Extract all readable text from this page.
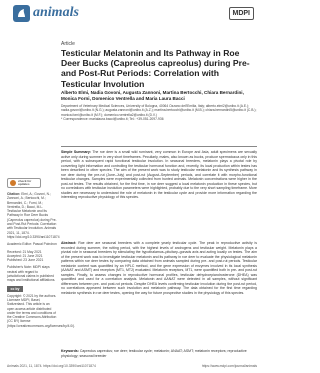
animals	MDPI
Article
Testicular Melatonin and Its Pathway in Roe Deer Bucks (Capreolus capreolus) during Pre- and Post-Rut Periods: Correlation with Testicular Involution
Alberto Elmi, Nadia Govoni, Augusta Zannoni, Martina Bertocchi, Chiara Bernardini, Monica Forni, Domenico Ventrella and Maria Laura Bacci

Department of Veterinary Medical Sciences, University of Bologna, 40064 Ozzano dell'Emilia, Italy; alberto.elmi2@unibo.it (A.E.); nadia.govoni@unibo.it (N.G.); augusta.zannoni@unibo.it (A.Z.); martina.bertocchi@unibo.it (M.B.); chiara.bernardini5@unibo.it (C.B.); monica.forni@unibo.it (M.F.); domenico.ventrella2@unibo.it (D.V.)

* Correspondence: marialaura.bacci@unibo.it; Tel.: +39-051-2097-936

Simple Summary: The roe deer is a small wild ruminant, very common in Europe and Asia, adult specimens are sexually active only during summer in very short timeframes. Peculiarly, males, also known as bucks, produce spermatozoa only in this period, with a subsequent rapid functional testicular involution. In seasonal breeders, melatonin plays a pivotal role by converting light information and controlling the testicular hormonal function and, recently, its local production within testes has been described in other species. The aim of the present work was to study testicular melatonin and its synthesis pathway in roe deer during the pre-rut (June–July) and post-rut (August–September) periods, and correlate it with morpho-functional testicular changes. Samples were experimentally collected from hunted animals. Melatonin concentrations were higher in the post-rut testes. The results obtained, for the first time, in roe deer suggest a local melatonin production in these species, but no correlations with testicular involution parameters were highlighted, probably due to the very short sampling timeframe. More studies are necessary to understand the role of melatonin in the testicular cycle and provide more information regarding the interesting reproductive physiology of this species.
Abstract: Roe deer are seasonal breeders with a complete yearly testicular cycle. The peak in reproductive activity is recorded during summer, the rutting period, with the highest levels of androgens and testicular weight. Melatonin plays a pivotal role in seasonal breeders by stimulating the hypothalamus–pituitary–gonads axis and acting locally on testes. The aim of the present work was to investigate testicular melatonin and its pathway in roe deer to evaluate the physiological melatonin patterns within roe deer testes by comparing data obtained from animals sampled during pre- and post-rut periods. Testicular melatonin content was quantified by an HPLC method, and the gene expression of enzymes involved in its local synthesis (AANAT and ASMT) and receptors (MT1, MT2) evaluated. Melatonin receptors, MT1, were quantified both in pre- and post-rut samples. Finally, to assess changes in reproductive hormonal profiles, testicular dehydroepiandrosterone (DHEA) was quantified and used for a correlation analysis. Melatonin and AANAT were detected in all samples, without significant differences between pre- and post-rut periods. Despite DHEA levels confirming testicular involution during the post-rut period, no correlations appeared between such involution and melatonin pathway. The data obtained for the first time regarding melatonin synthesis in roe deer testes, opening the way for future prospective studies in the physiology of this species.
Keywords: Capreolus capreolus; roe deer; testicular cycle; melatonin; ANAAT; ASMT; melatonin receptors; reproductive physiology; seasonal breeder
check for updates
Citation: Elmi, A.; Govoni, N.; Zannoni, A.; Bertocchi, M.; Bernardini, C.; Forni, M.; Ventrella, D.; Bacci, M.L. Testicular Melatonin and Its Pathway in Roe Deer Bucks (Capreolus capreolus) during Pre- and Post-Rut Periods: Correlation with Testicular Involution. Animals 2021, 11, 1874. https://doi.org/10.3390/ani11071874
Academic Editor: Pascal Poindron
Received: 21 May 2021
Accepted: 21 June 2021
Published: 23 June 2021
Publisher's Note: MDPI stays neutral with regard to jurisdictional claims in published maps and institutional affiliations.
cc by
Copyright: © 2021 by the authors. Licensee MDPI, Basel, Switzerland. This article is an open access article distributed under the terms and conditions of the Creative Commons Attribution (CC BY) license (https://creativecommons.org/licenses/by/4.0/).
Animals 2021, 11, 1874. https://doi.org/10.3390/ani11071874	https://www.mdpi.com/journal/animals
